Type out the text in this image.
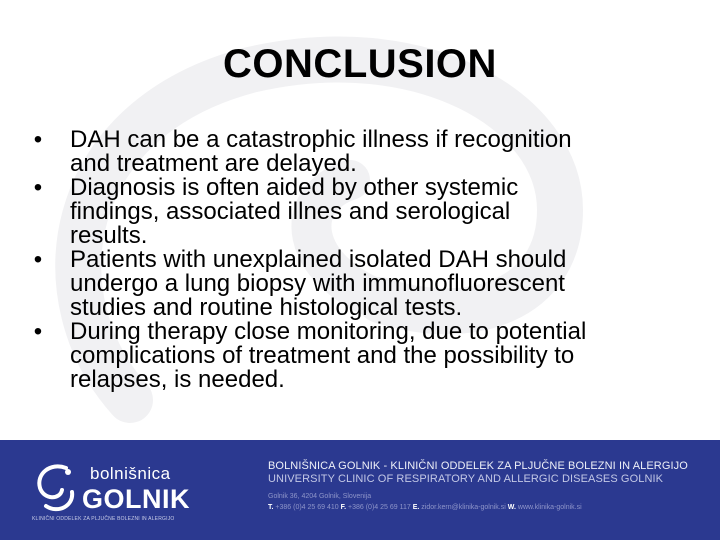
CONCLUSION
• DAH can be a catastrophic illness if recognition
and treatment are delayed.
• Diagnosis is often aided by other systemic
findings, associated illnes and serological
results.
• Patients with unexplained isolated DAH should
undergo a lung biopsy with immunofluorescent
studies and routine histological tests.
• During therapy close monitoring, due to potential
complications of treatment and the possibility to
relapses, is needed.
bolnišnica
GOLNIK
KLINIČNI ODDELEK ZA PLJUČNE BOLEZNI IN ALERGIJO
BOLNIŠNICA GOLNIK - KLINIČNI ODDELEK ZA PLJUČNE BOLEZNI IN ALERGIJO
UNIVERSITY CLINIC OF RESPIRATORY AND ALLERGIC DISEASES GOLNIK
Golnik 36, 4204 Golnik, Slovenija
T. +386 (0)4 25 69 410 F. +386 (0)4 25 69 117 E. zidor.kern@klinika-golnik.si W. www.klinika-golnik.si
